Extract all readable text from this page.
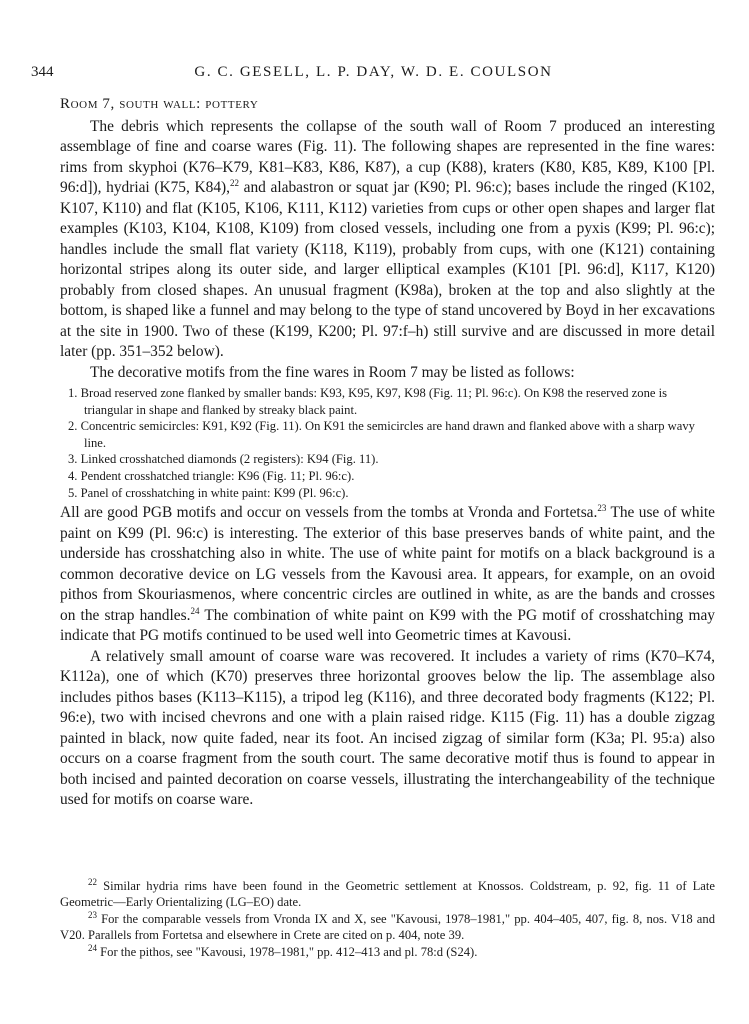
344	G. C. GESELL, L. P. DAY, W. D. E. COULSON
Room 7, south wall: pottery

The debris which represents the collapse of the south wall of Room 7 produced an interesting assemblage of fine and coarse wares (Fig. 11). The following shapes are represented in the fine wares: rims from skyphoi (K76–K79, K81–K83, K86, K87), a cup (K88), kraters (K80, K85, K89, K100 [Pl. 96:d]), hydriai (K75, K84),$^{22}$ and alabastron or squat jar (K90; Pl. 96:c); bases include the ringed (K102, K107, K110) and flat (K105, K106, K111, K112) varieties from cups or other open shapes and larger flat examples (K103, K104, K108, K109) from closed vessels, including one from a pyxis (K99; Pl. 96:c); handles include the small flat variety (K118, K119), probably from cups, with one (K121) containing horizontal stripes along its outer side, and larger elliptical examples (K101 [Pl. 96:d], K117, K120) probably from closed shapes. An unusual fragment (K98a), broken at the top and also slightly at the bottom, is shaped like a funnel and may belong to the type of stand uncovered by Boyd in her excavations at the site in 1900. Two of these (K199, K200; Pl. 97:f–h) still survive and are discussed in more detail later (pp. 351–352 below).

The decorative motifs from the fine wares in Room 7 may be listed as follows:

1. Broad reserved zone flanked by smaller bands: K93, K95, K97, K98 (Fig. 11; Pl. 96:c). On K98 the reserved zone is triangular in shape and flanked by streaky black paint.
2. Concentric semicircles: K91, K92 (Fig. 11). On K91 the semicircles are hand drawn and flanked above with a sharp wavy line.
3. Linked crosshatched diamonds (2 registers): K94 (Fig. 11).
4. Pendent crosshatched triangle: K96 (Fig. 11; Pl. 96:c).
5. Panel of crosshatching in white paint: K99 (Pl. 96:c).

All are good PGB motifs and occur on vessels from the tombs at Vronda and Fortetsa.$^{23}$ The use of white paint on K99 (Pl. 96:c) is interesting. The exterior of this base preserves bands of white paint, and the underside has crosshatching also in white. The use of white paint for motifs on a black background is a common decorative device on LG vessels from the Kavousi area. It appears, for example, on an ovoid pithos from Skouriasmenos, where concentric circles are outlined in white, as are the bands and crosses on the strap handles.$^{24}$ The combination of white paint on K99 with the PG motif of crosshatching may indicate that PG motifs continued to be used well into Geometric times at Kavousi.

A relatively small amount of coarse ware was recovered. It includes a variety of rims (K70–K74, K112a), one of which (K70) preserves three horizontal grooves below the lip. The assemblage also includes pithos bases (K113–K115), a tripod leg (K116), and three decorated body fragments (K122; Pl. 96:e), two with incised chevrons and one with a plain raised ridge. K115 (Fig. 11) has a double zigzag painted in black, now quite faded, near its foot. An incised zigzag of similar form (K3a; Pl. 95:a) also occurs on a coarse fragment from the south court. The same decorative motif thus is found to appear in both incised and painted decoration on coarse vessels, illustrating the interchangeability of the technique used for motifs on coarse ware.

$^{22}$ Similar hydria rims have been found in the Geometric settlement at Knossos. Coldstream, p. 92, fig. 11 of Late Geometric—Early Orientalizing (LG–EO) date.

$^{23}$ For the comparable vessels from Vronda IX and X, see "Kavousi, 1978–1981," pp. 404–405, 407, fig. 8, nos. V18 and V20. Parallels from Fortetsa and elsewhere in Crete are cited on p. 404, note 39.

$^{24}$ For the pithos, see "Kavousi, 1978–1981," pp. 412–413 and pl. 78:d (S24).
